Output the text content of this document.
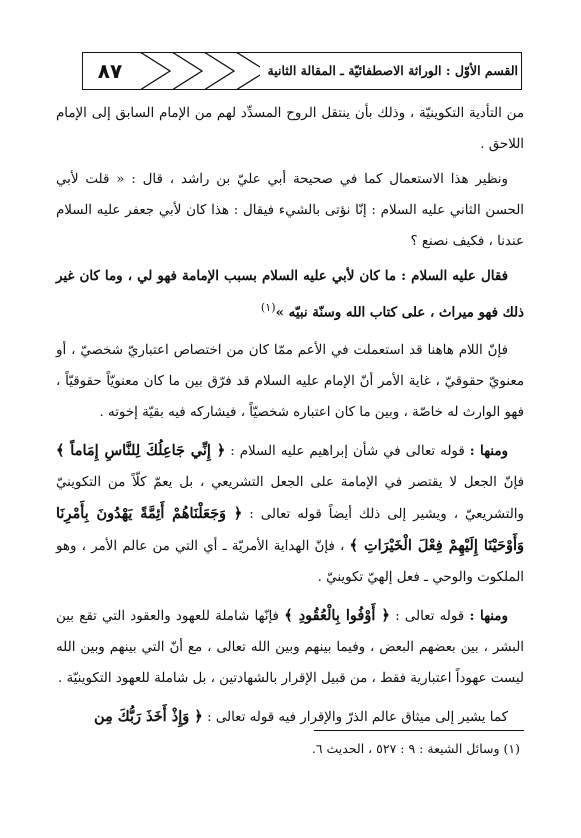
٨٧	القسم الأوّل : الوراثة الاصطفائيّة ـ المقالة الثانية

من التأدية التكوينيّة ، وذلك بأن ينتقل الروح المسدِّد لهم من الإمام السابق إلى الإمام اللاحق .

ونظير هذا الاستعمال كما في صحيحة أبي عليّ بن راشد ، قال : « قلت لأبي الحسن الثاني عليه السلام : إنّا نؤتى بالشيء فيقال : هذا كان لأبي جعفر عليه السلام عندنا ، فكيف نصنع ؟

فقال عليه السلام : ما كان لأبي عليه السلام بسبب الإمامة فهو لي ، وما كان غير ذلك فهو ميراث ، على كتاب الله وسنّة نبيّه »$^{(١)}$

فإنّ اللام هاهنا قد استعملت في الأعم ممّا كان من اختصاص اعتباريّ شخصيّ ، أو معنويّ حقوقيّ ، غاية الأمر أنّ الإمام عليه السلام قد فرّق بين ما كان معنويّاً حقوقيّاً ، فهو الوارث له خاصّة ، وبين ما كان اعتباره شخصيّاً ، فيشاركه فيه بقيّة إخوته .

ومنها : قوله تعالى في شأن إبراهيم عليه السلام : ﴿ إِنِّي جَاعِلُكَ لِلنَّاسِ إِمَاماً ﴾ فإنّ الجعل لا يقتصر في الإمامة على الجعل التشريعي ، بل يعمّ كلّاً من التكوينيّ والتشريعيّ ، ويشير إلى ذلك أيضاً قوله تعالى : ﴿ وَجَعَلْنَاهُمْ أَئِمَّةً يَهْدُونَ بِأَمْرِنَا وَأَوْحَيْنَا إِلَيْهِمْ فِعْلَ الْخَيْرَاتِ ﴾ ، فإنّ الهداية الأمريّة ـ أي التي من عالم الأمر ، وهو الملكوت والوحي ـ فعل إلهيّ تكوينيّ .

ومنها : قوله تعالى : ﴿ أَوْفُوا بِالْعُقُودِ ﴾ فإنّها شاملة للعهود والعقود التي تقع بين البشر ، بين بعضهم البعض ، وفيما بينهم وبين الله تعالى ، مع أنّ التي بينهم وبين الله ليست عهوداً اعتبارية فقط ، من قبيل الإقرار بالشهادتين ، بل شاملة للعهود التكوينيّة .

كما يشير إلى ميثاق عالم الذرّ والإقرار فيه قوله تعالى : ﴿ وَإِذْ أَخَذَ رَبُّكَ مِن

(١) وسائل الشيعة : ٩ : ٥٢٧ ، الحديث ٦.
